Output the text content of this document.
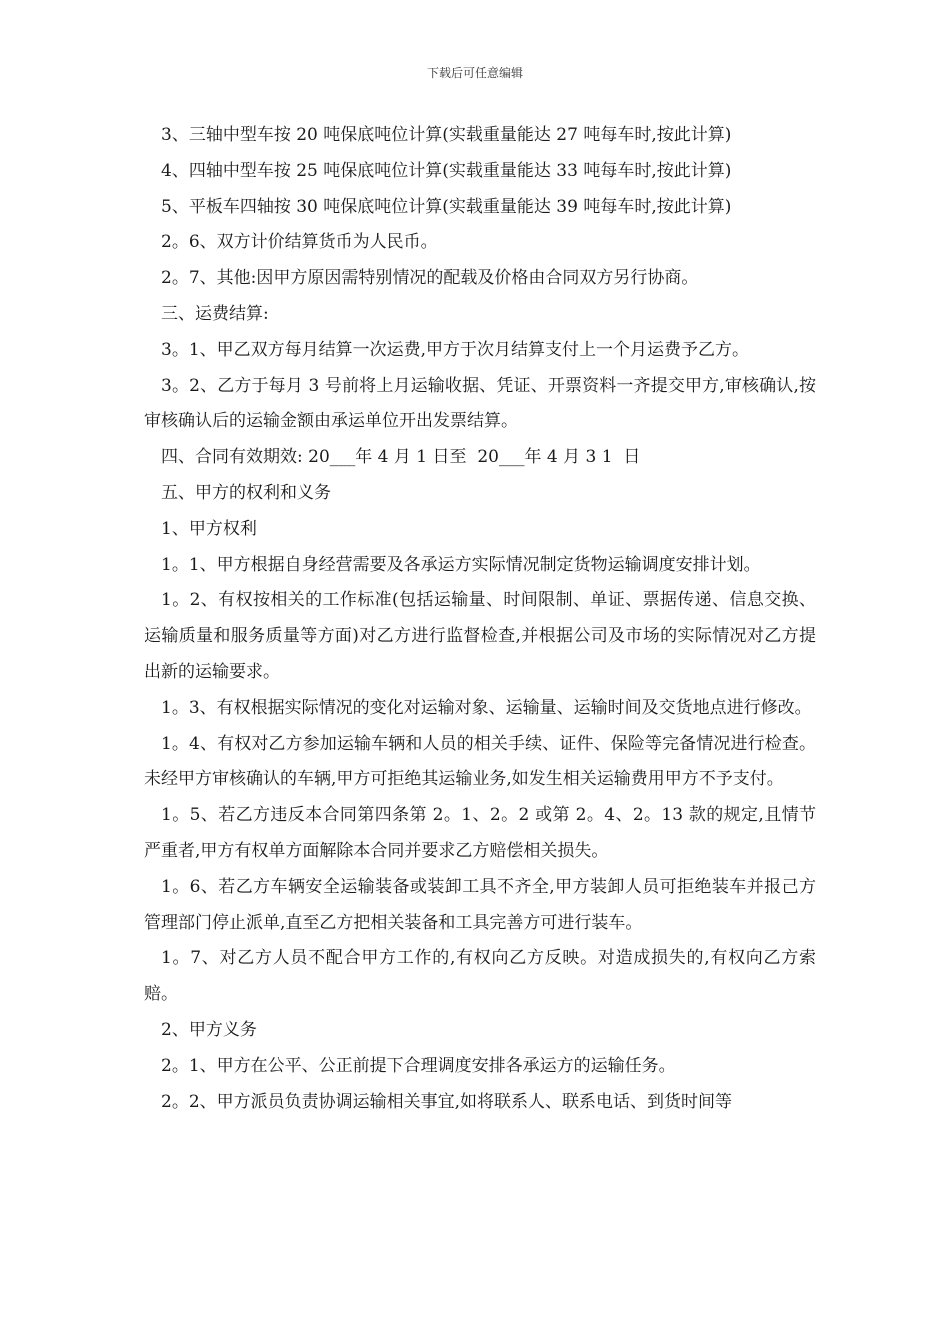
下载后可任意编辑

3、三轴中型车按 20 吨保底吨位计算(实载重量能达 27 吨每车时,按此计算)

4、四轴中型车按 25 吨保底吨位计算(实载重量能达 33 吨每车时,按此计算)

5、平板车四轴按 30 吨保底吨位计算(实载重量能达 39 吨每车时,按此计算)

2。6、双方计价结算货币为人民币。

2。7、其他:因甲方原因需特别情况的配载及价格由合同双方另行协商。

三、运费结算:

3。1、甲乙双方每月结算一次运费,甲方于次月结算支付上一个月运费予乙方。

3。2、乙方于每月 3 号前将上月运输收据、凭证、开票资料一齐提交甲方,审核确认,按审核确认后的运输金额由承运单位开出发票结算。

四、合同有效期效: 20___年 4 月 1 日至  20___年 4 月 3 1  日

五、甲方的权利和义务

1、甲方权利

1。1、甲方根据自身经营需要及各承运方实际情况制定货物运输调度安排计划。

1。2、有权按相关的工作标准(包括运输量、时间限制、单证、票据传递、信息交换、运输质量和服务质量等方面)对乙方进行监督检查,并根据公司及市场的实际情况对乙方提出新的运输要求。

1。3、有权根据实际情况的变化对运输对象、运输量、运输时间及交货地点进行修改。

1。4、有权对乙方参加运输车辆和人员的相关手续、证件、保险等完备情况进行检查。未经甲方审核确认的车辆,甲方可拒绝其运输业务,如发生相关运输费用甲方不予支付。

1。5、若乙方违反本合同第四条第 2。1、2。2 或第 2。4、2。13 款的规定,且情节严重者,甲方有权单方面解除本合同并要求乙方赔偿相关损失。

1。6、若乙方车辆安全运输装备或装卸工具不齐全,甲方装卸人员可拒绝装车并报己方管理部门停止派单,直至乙方把相关装备和工具完善方可进行装车。

1。7、对乙方人员不配合甲方工作的,有权向乙方反映。对造成损失的,有权向乙方索赔。

2、甲方义务

2。1、甲方在公平、公正前提下合理调度安排各承运方的运输任务。

2。2、甲方派员负责协调运输相关事宜,如将联系人、联系电话、到货时间等
